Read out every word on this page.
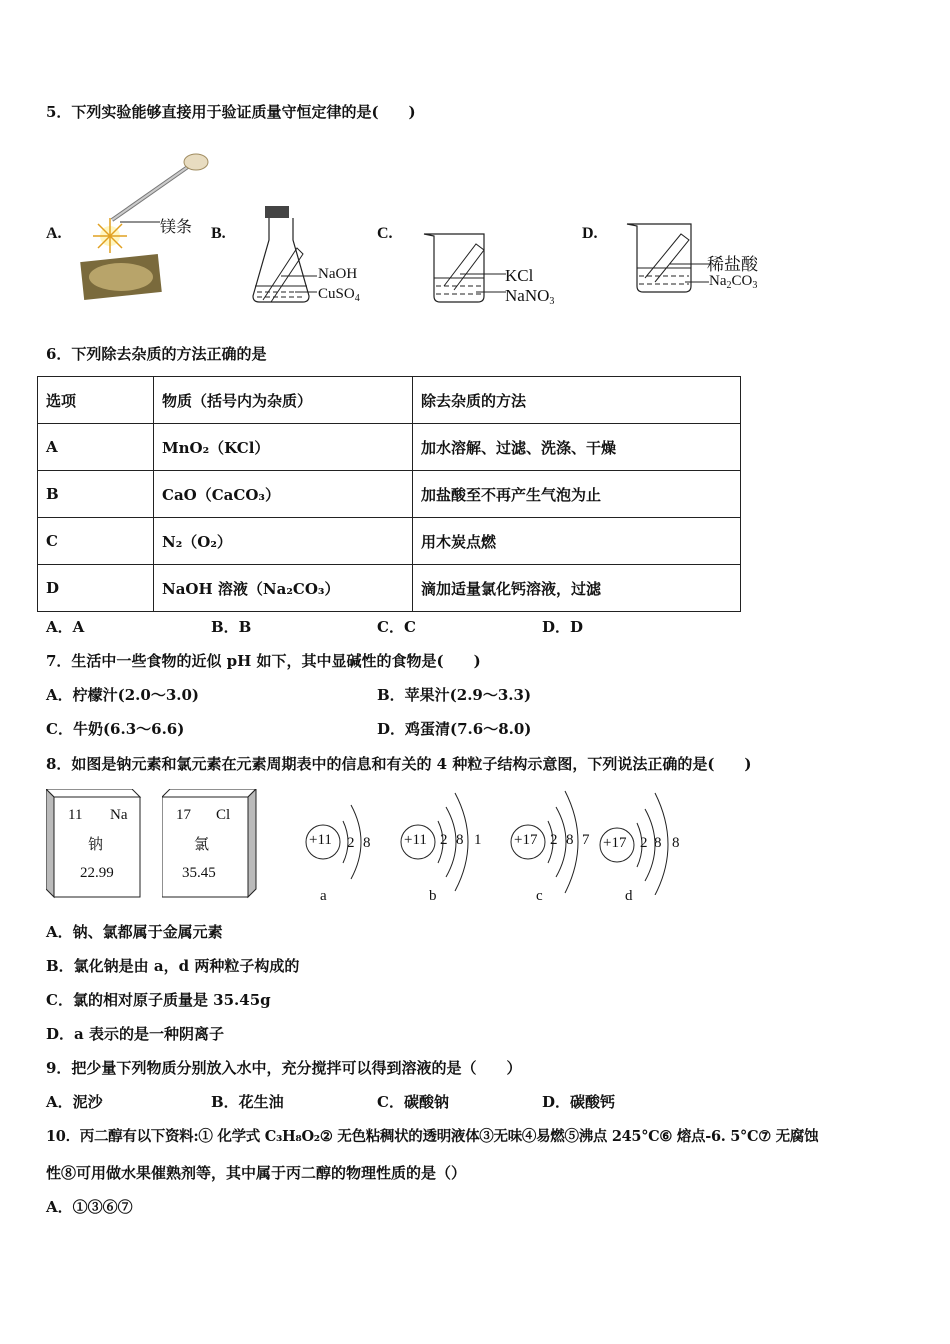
5．下列实验能够直接用于验证质量守恒定律的是(　　)
A.	镁条 B.
NaOH
CuSO$_4$
C.
KCl
NaNO$_3$
D.
稀盐酸
$Na_2CO_3$
6．下列除去杂质的方法正确的是
选项	物质（括号内为杂质）	除去杂质的方法
A	MnO₂（KCl）	加水溶解、过滤、洗涤、干燥
B	CaO（CaCO₃）	加盐酸至不再产生气泡为止
C	N₂（O₂）	用木炭点燃
D	NaOH 溶液（Na₂CO₃）	滴加适量氯化钙溶液，过滤
A．A	B．B	C．C	D．D
7．生活中一些食物的近似 pH 如下，其中显碱性的食物是(　　)
A．柠檬汁(2.0～3.0)	B．苹果汁(2.9～3.3)
C．牛奶(6.3～6.6)	D．鸡蛋清(7.6～8.0)
8．如图是钠元素和氯元素在元素周期表中的信息和有关的 4 种粒子结构示意图，下列说法正确的是(　　)
11 Na
钠
22.99
17 Cl
氯
35.45
+11 2 8
a
+11 2 8 1
b
+17 2 8 7
c
+17 2 8 8
d
A．钠、氯都属于金属元素
B．氯化钠是由 a，d 两种粒子构成的
C．氯的相对原子质量是 35.45g
D．a 表示的是一种阴离子
9．把少量下列物质分别放入水中，充分搅拌可以得到溶液的是（　　）
A．泥沙	B．花生油	C．碳酸钠	D．碳酸钙
10．丙二醇有以下资料:① 化学式 C₃H₈O₂② 无色粘稠状的透明液体③无味④易燃⑤沸点 245°C⑥ 熔点-6. 5°C⑦ 无腐蚀
性⑧可用做水果催熟剂等，其中属于丙二醇的物理性质的是（）
A．①③⑥⑦
